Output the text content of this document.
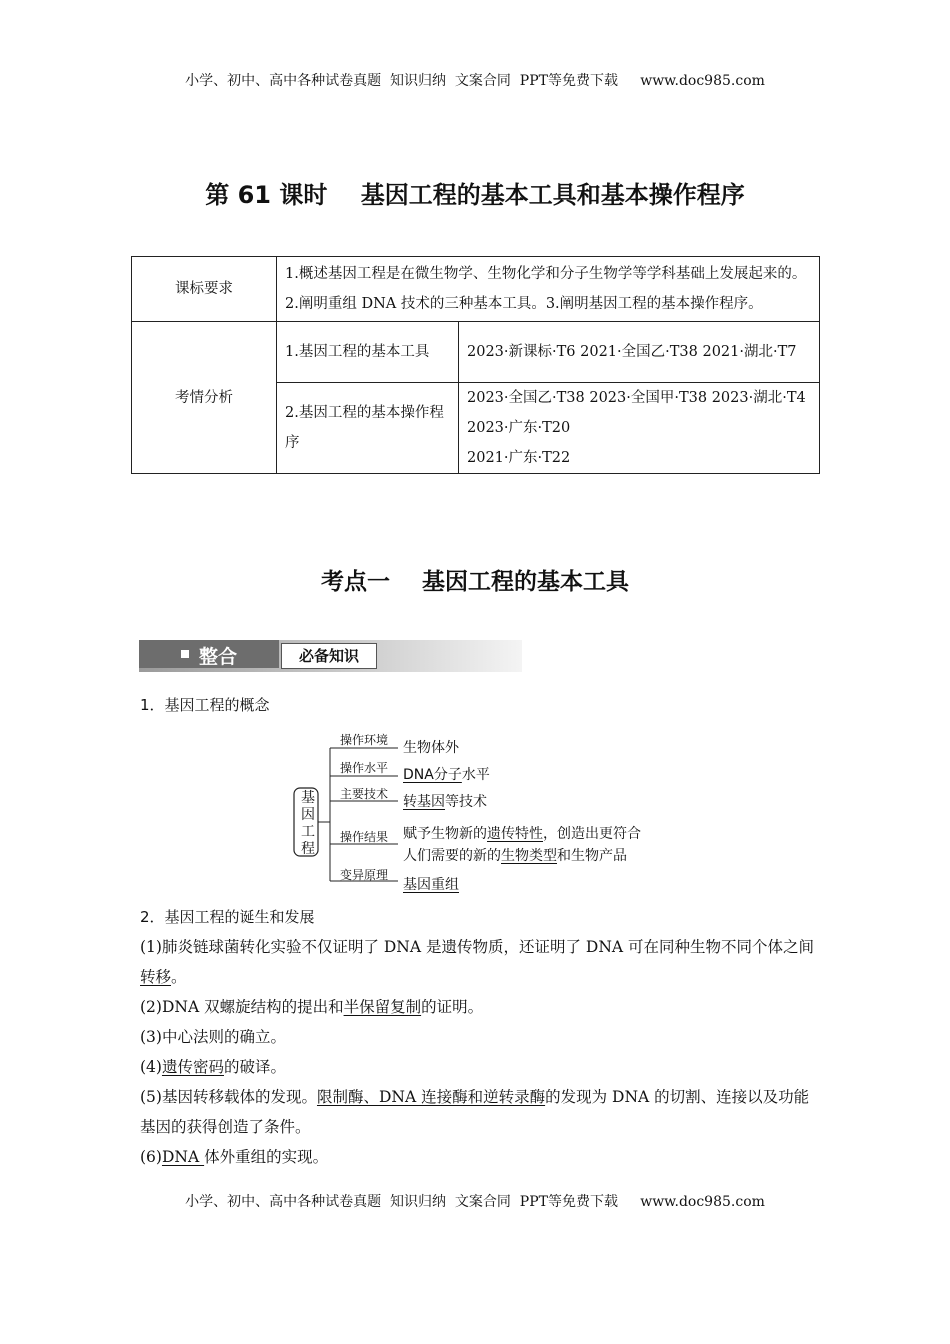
小学、初中、高中各种试卷真题  知识归纳  文案合同  PPT等免费下载     www.doc985.com
第 61 课时    基因工程的基本工具和基本操作程序
课标要求	1.概述基因工程是在微生物学、生物化学和分子生物学等学科基础上发展起来的。2.阐明重组 DNA 技术的三种基本工具。3.阐明基因工程的基本操作程序。	
考情分析	1.基因工程的基本工具	2023·新课标·T6 2021·全国乙·T38 2021·湖北·T7
	2.基因工程的基本操作程序	2023·全国乙·T38 2023·全国甲·T38 2023·湖北·T4 2023·广东·T20
2021·广东·T22
考点一    基因工程的基本工具
整合	必备知识
1．基因工程的概念
基
因
工
程
操作环境
操作水平
主要技术
操作结果
变异原理
生物体外
DNA分子水平
转基因等技术
赋予生物新的遗传特性，创造出更符合
人们需要的新的生物类型和生物产品
基因重组
2．基因工程的诞生和发展
(1)肺炎链球菌转化实验不仅证明了 DNA 是遗传物质，还证明了 DNA 可在同种生物不同个体之间转移。
(2)DNA 双螺旋结构的提出和半保留复制的证明。
(3)中心法则的确立。
(4)遗传密码的破译。
(5)基因转移载体的发现。限制酶、DNA 连接酶和逆转录酶的发现为 DNA 的切割、连接以及功能基因的获得创造了条件。
(6)DNA 体外重组的实现。
小学、初中、高中各种试卷真题  知识归纳  文案合同  PPT等免费下载     www.doc985.com
